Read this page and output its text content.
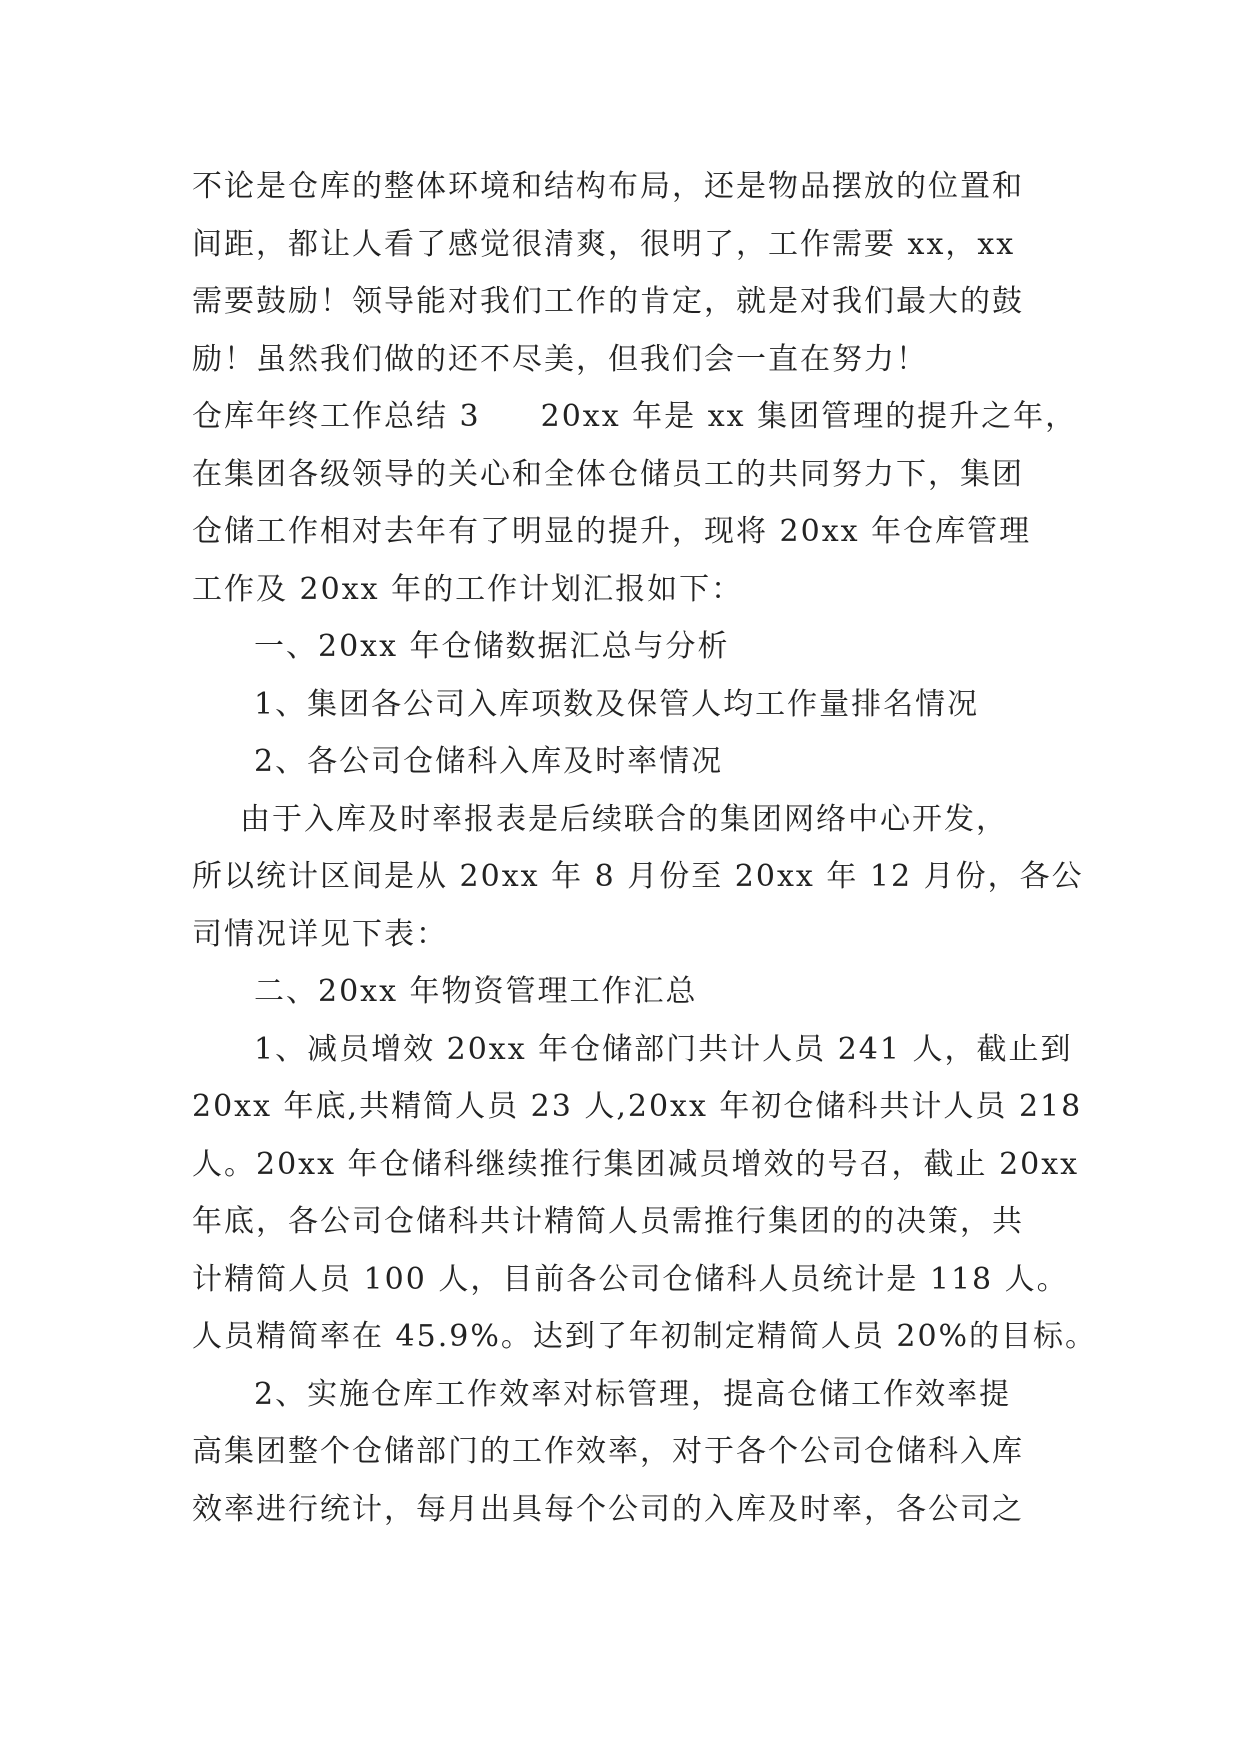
不论是仓库的整体环境和结构布局，还是物品摆放的位置和
间距，都让人看了感觉很清爽，很明了，工作需要 xx，xx
需要鼓励！领导能对我们工作的肯定，就是对我们最大的鼓
励！虽然我们做的还不尽美，但我们会一直在努力！
仓库年终工作总结 3 20xx 年是 xx 集团管理的提升之年，
在集团各级领导的关心和全体仓储员工的共同努力下，集团
仓储工作相对去年有了明显的提升，现将 20xx 年仓库管理
工作及 20xx 年的工作计划汇报如下：
一、20xx 年仓储数据汇总与分析
1、集团各公司入库项数及保管人均工作量排名情况
2、各公司仓储科入库及时率情况
由于入库及时率报表是后续联合的集团网络中心开发，
所以统计区间是从 20xx 年 8 月份至 20xx 年 12 月份，各公
司情况详见下表：
二、20xx 年物资管理工作汇总
1、减员增效 20xx 年仓储部门共计人员 241 人，截止到
20xx 年底,共精简人员 23 人,20xx 年初仓储科共计人员 218
人。20xx 年仓储科继续推行集团减员增效的号召，截止 20xx
年底，各公司仓储科共计精简人员需推行集团的的决策，共
计精简人员 100 人，目前各公司仓储科人员统计是 118 人。
人员精简率在 45.9%。达到了年初制定精简人员 20%的目标。
2、实施仓库工作效率对标管理，提高仓储工作效率提
高集团整个仓储部门的工作效率，对于各个公司仓储科入库
效率进行统计，每月出具每个公司的入库及时率，各公司之
